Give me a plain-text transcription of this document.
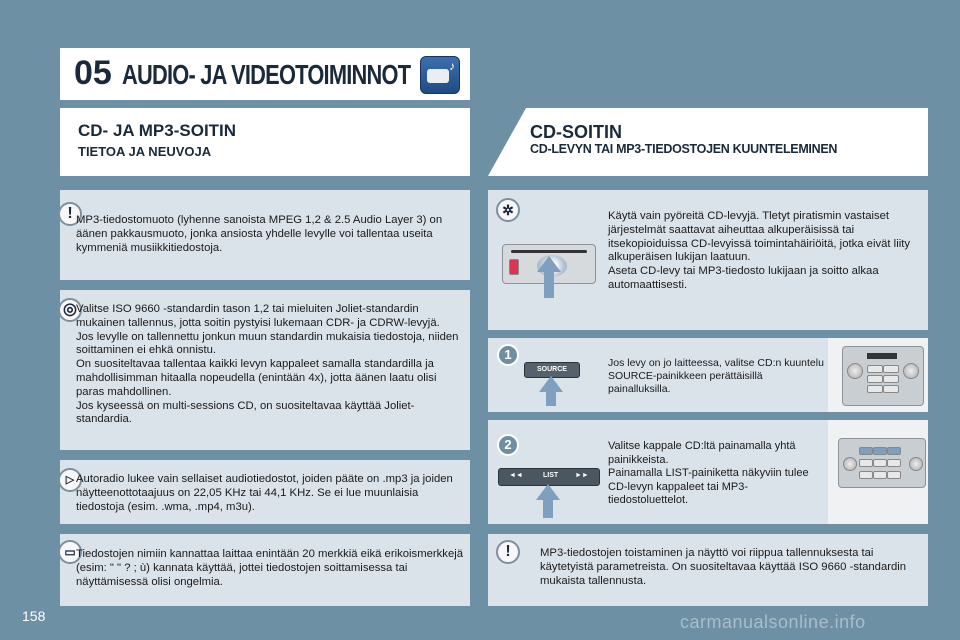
05 AUDIO- JA VIDEOTOIMINNOT	♪
CD- JA MP3-SOITIN
TIETOA JA NEUVOJA
CD-SOITIN
CD-LEVYN TAI MP3-TIEDOSTOJEN KUUNTELEMINEN
! MP3-tiedostomuoto (lyhenne sanoista MPEG 1,2 & 2.5 Audio Layer 3) on äänen pakkausmuoto, jonka ansiosta yhdelle levylle voi tallentaa useita kymmeniä musiikkitiedostoja.
◎ Valitse ISO 9660 -standardin tason 1,2 tai mieluiten Joliet-standardin mukainen tallennus, jotta soitin pystyisi lukemaan CDR- ja CDRW-levyjä.
Jos levylle on tallennettu jonkun muun standardin mukaisia tiedostoja, niiden soittaminen ei ehkä onnistu.
On suositeltavaa tallentaa kaikki levyn kappaleet samalla standardilla ja mahdollisimman hitaalla nopeudella (enintään 4x), jotta äänen laatu olisi paras mahdollinen.
Jos kyseessä on multi-sessions CD, on suositeltavaa käyttää Joliet-standardia.
▷ Autoradio lukee vain sellaiset audiotiedostot, joiden pääte on .mp3 ja joiden näytteenottotaajuus on 22,05 KHz tai 44,1 KHz. Se ei lue muunlaisia tiedostoja (esim. .wma, .mp4, m3u).
▭ Tiedostojen nimiin kannattaa laittaa enintään 20 merkkiä eikä erikoismerkkejä (esim: " " ? ; ù) kannata käyttää, jottei tiedostojen soittamisessa tai näyttämisessä olisi ongelmia.
✲	Käytä vain pyöreitä CD-levyjä. Tletyt piratismin vastaiset järjestelmät saattavat aiheuttaa alkuperäisissä tai itsekopioiduissa CD-levyissä toimintahäiriöitä, jotka eivät liity alkuperäisen lukijan laatuun.
Aseta CD-levy tai MP3-tiedosto lukijaan ja soitto alkaa automaattisesti.
1
SOURCE
Jos levy on jo laitteessa, valitse CD:n kuuntelu SOURCE-painikkeen perättäisillä painalluksilla.
2
◄◄	LIST ►►
Valitse kappale CD:ltä painamalla yhtä painikkeista.
Painamalla LIST-painiketta näkyviin tulee CD-levyn kappaleet tai MP3-tiedostoluettelot.
!	MP3-tiedostojen toistaminen ja näyttö voi riippua tallennuksesta tai käytetyistä parametreista. On suositeltavaa käyttää ISO 9660 -standardin mukaista tallennusta.
158	carmanualsonline.info
